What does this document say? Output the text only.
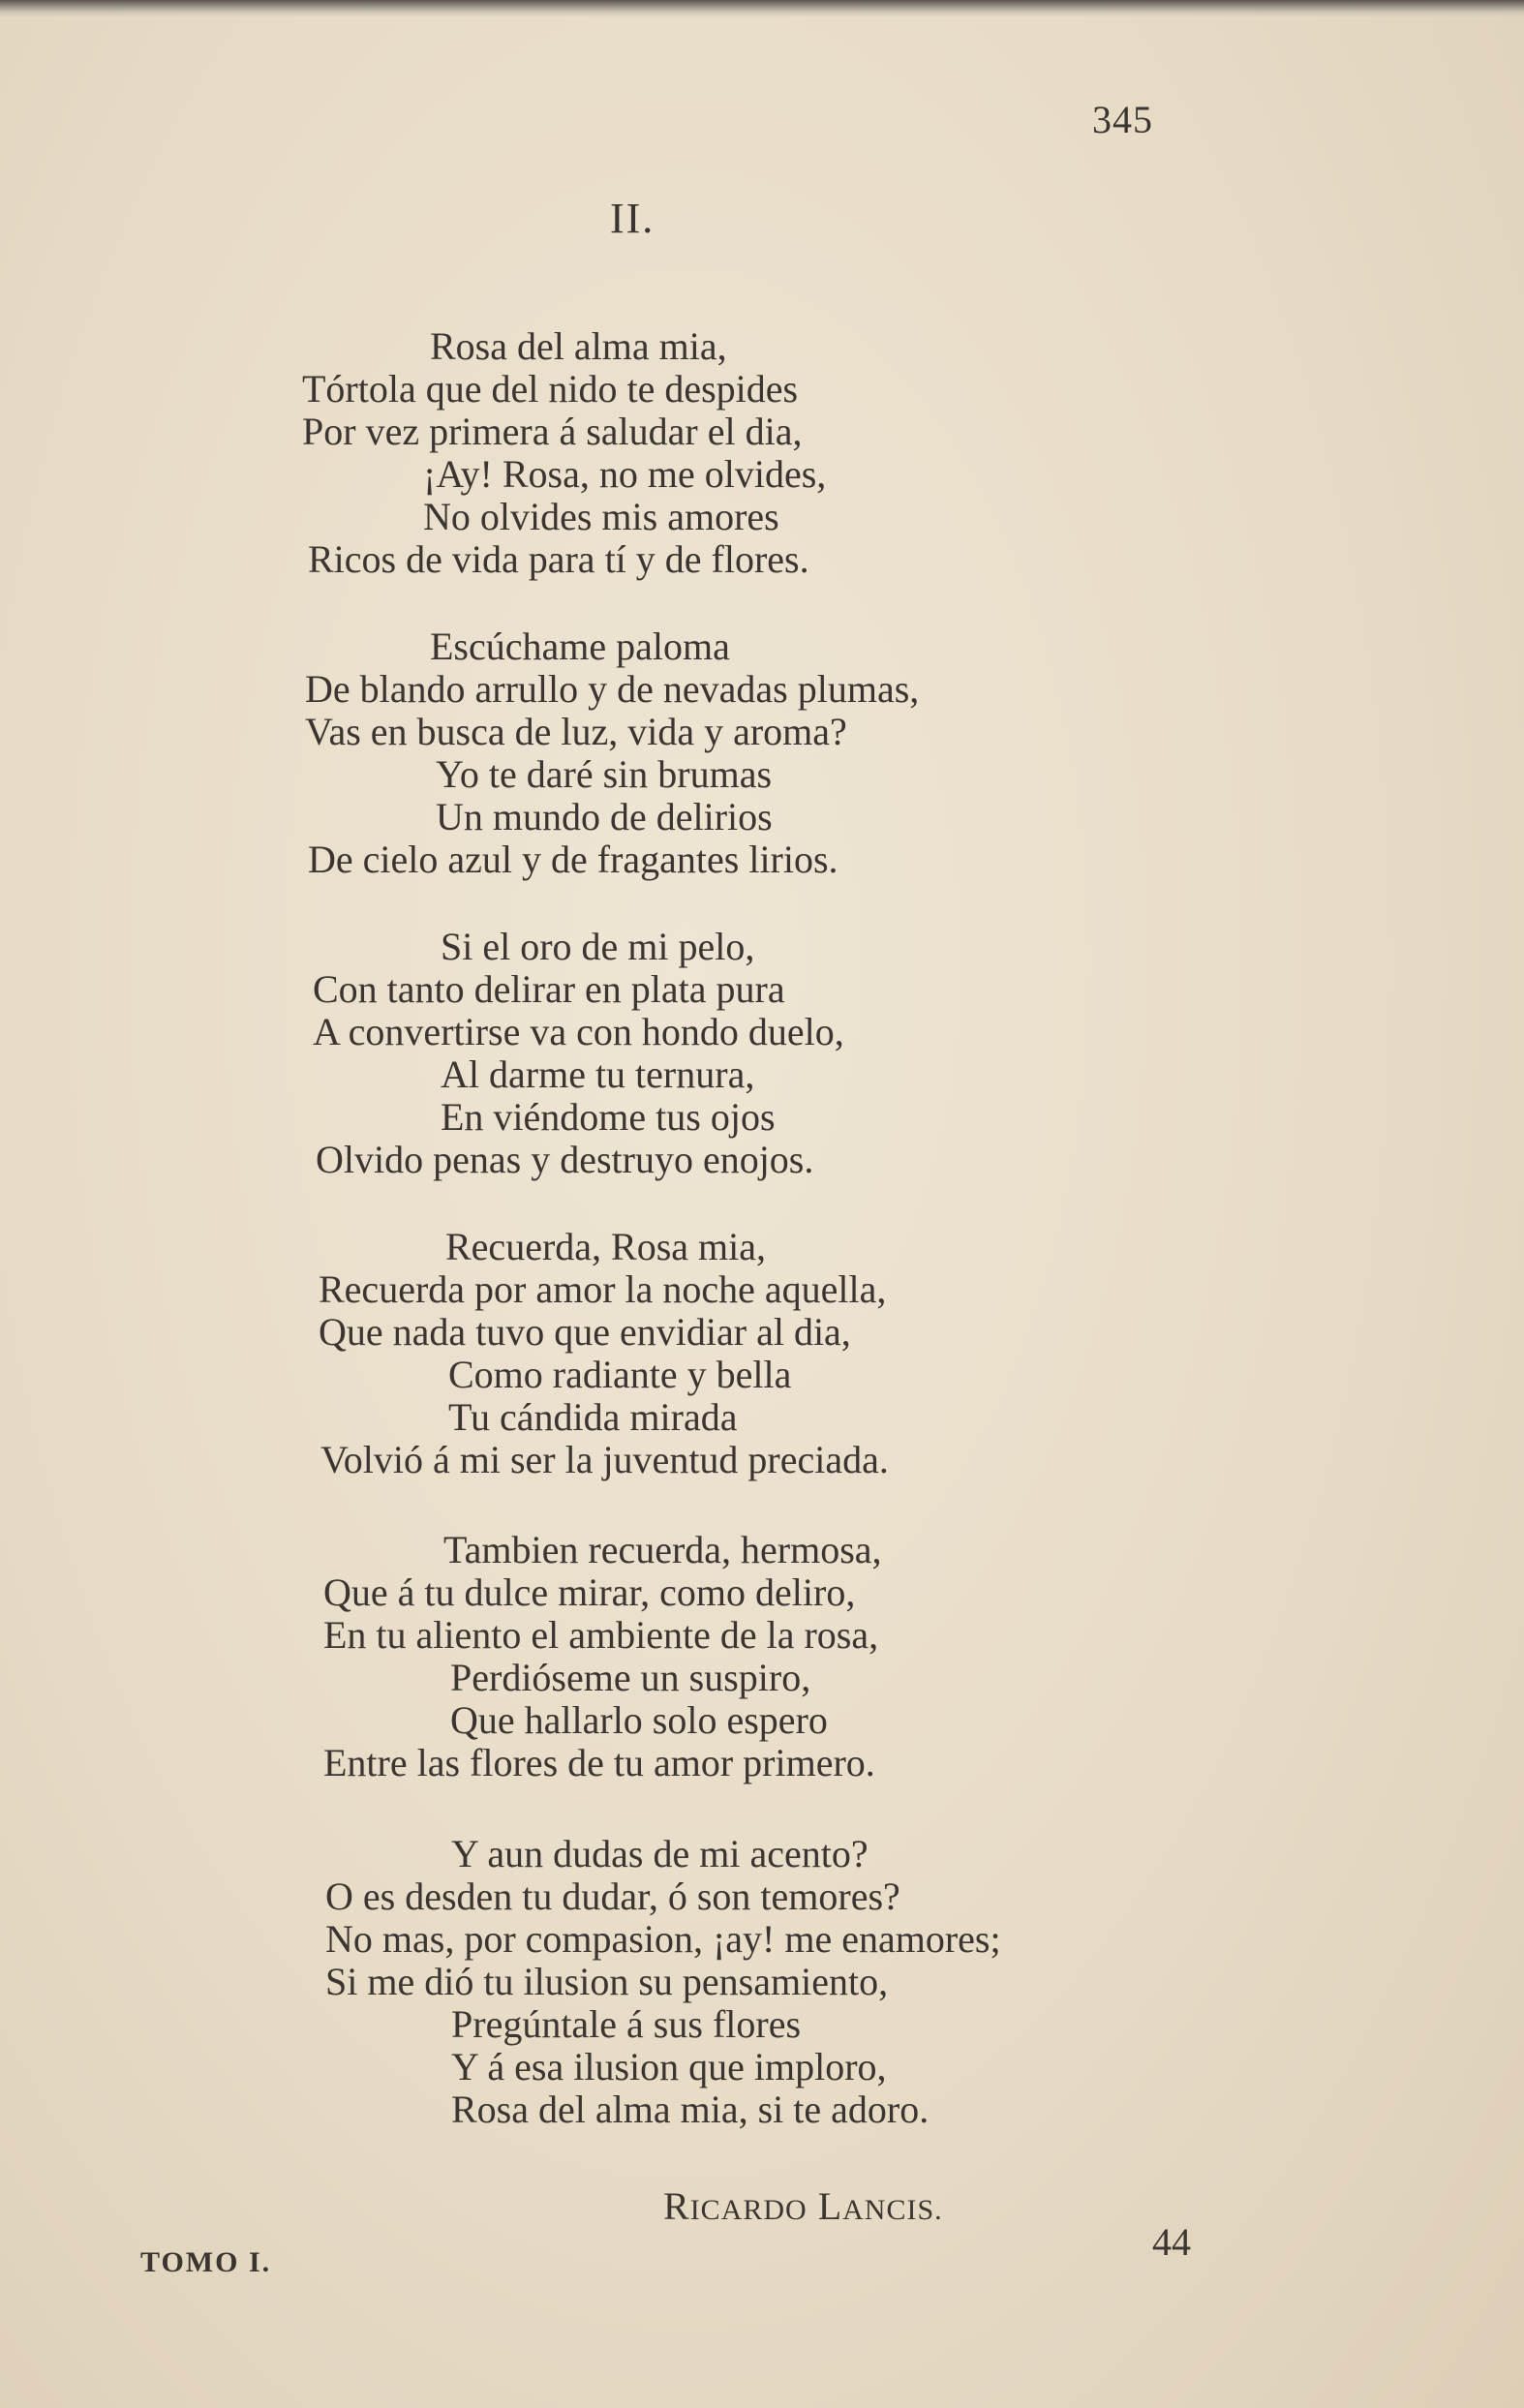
345
II.
Rosa del alma mia,
Tórtola que del nido te despides
Por vez primera á saludar el dia,
¡Ay! Rosa, no me olvides,
No olvides mis amores
Ricos de vida para tí y de flores.
Escúchame paloma
De blando arrullo y de nevadas plumas,
Vas en busca de luz, vida y aroma?
Yo te daré sin brumas
Un mundo de delirios
De cielo azul y de fragantes lirios.
Si el oro de mi pelo,
Con tanto delirar en plata pura
A convertirse va con hondo duelo,
Al darme tu ternura,
En viéndome tus ojos
Olvido penas y destruyo enojos.
Recuerda, Rosa mia,
Recuerda por amor la noche aquella,
Que nada tuvo que envidiar al dia,
Como radiante y bella
Tu cándida mirada
Volvió á mi ser la juventud preciada.
Tambien recuerda, hermosa,
Que á tu dulce mirar, como deliro,
En tu aliento el ambiente de la rosa,
Perdióseme un suspiro,
Que hallarlo solo espero
Entre las flores de tu amor primero.
Y aun dudas de mi acento?
O es desden tu dudar, ó son temores?
No mas, por compasion, ¡ay! me enamores;
Si me dió tu ilusion su pensamiento,
Pregúntale á sus flores
Y á esa ilusion que imploro,
Rosa del alma mia, si te adoro.
RICARDO LANCIS.
TOMO I.	44
